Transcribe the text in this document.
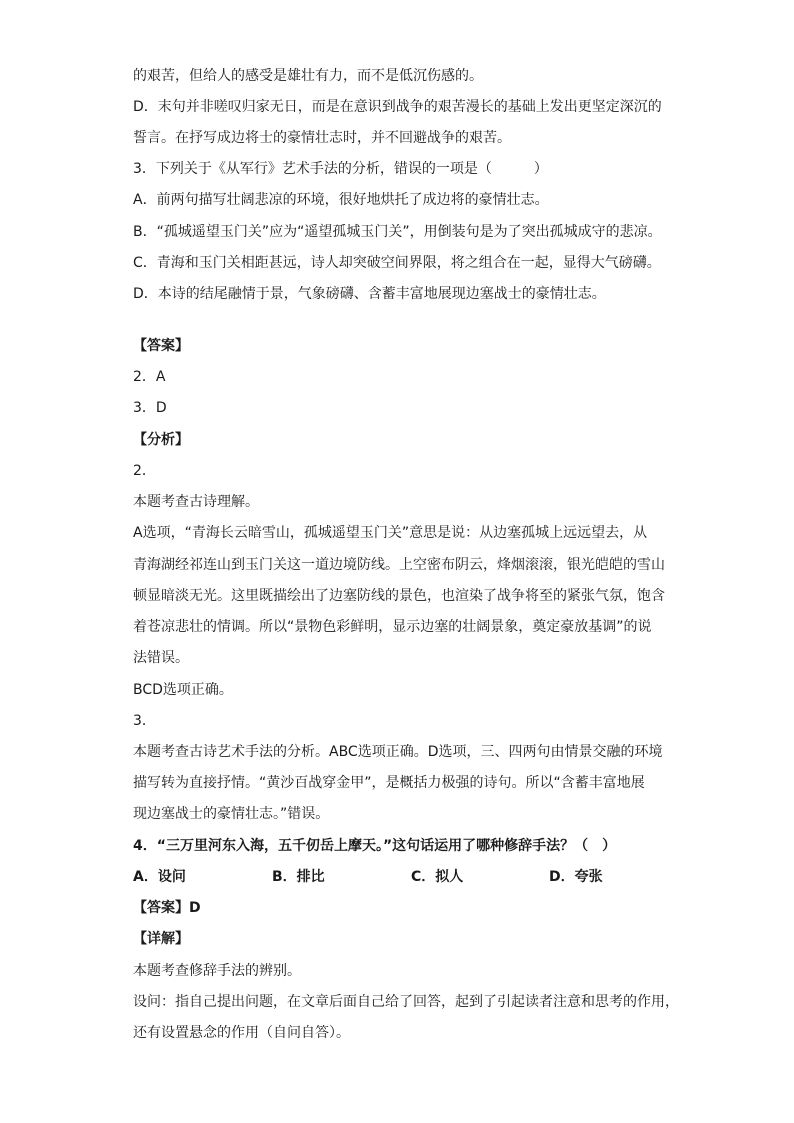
的艰苦，但给人的感受是雄壮有力，而不是低沉伤感的。
D．末句并非嗟叹归家无日，而是在意识到战争的艰苦漫长的基础上发出更坚定深沉的
誓言。在抒写成边将士的豪情壮志时，并不回避战争的艰苦。
3．下列关于《从军行》艺术手法的分析，错误的一项是（　　　）
A．前两句描写壮阔悲凉的环境，很好地烘托了成边将的豪情壮志。
B．“孤城遥望玉门关”应为“遥望孤城玉门关”，用倒装句是为了突出孤城成守的悲凉。
C．青海和玉门关相距甚远，诗人却突破空间界限，将之组合在一起，显得大气磅礴。
D．本诗的结尾融情于景，气象磅礴、含蓄丰富地展现边塞战士的豪情壮志。
【答案】
2．A
3．D
【分析】
2．
本题考查古诗理解。
A选项，“青海长云暗雪山，孤城遥望玉门关”意思是说：从边塞孤城上远远望去，从
青海湖经祁连山到玉门关这一道边境防线。上空密布阴云，烽烟滚滚，银光皑皑的雪山
顿显暗淡无光。这里既描绘出了边塞防线的景色，也渲染了战争将至的紧张气氛，饱含
着苍凉悲壮的情调。所以“景物色彩鲜明，显示边塞的壮阔景象，奠定豪放基调”的说
法错误。
BCD选项正确。
3．
本题考查古诗艺术手法的分析。ABC选项正确。D选项，三、四两句由情景交融的环境
描写转为直接抒情。“黄沙百战穿金甲”，是概括力极强的诗句。所以“含蓄丰富地展
现边塞战士的豪情壮志。”错误。
4．“三万里河东入海，五千仞岳上摩天。”这句话运用了哪种修辞手法？（　）
A．设问	B．排比	C．拟人	D．夸张
【答案】D
【详解】
本题考查修辞手法的辨别。
设问：指自己提出问题，在文章后面自己给了回答，起到了引起读者注意和思考的作用，
还有设置悬念的作用（自问自答）。
